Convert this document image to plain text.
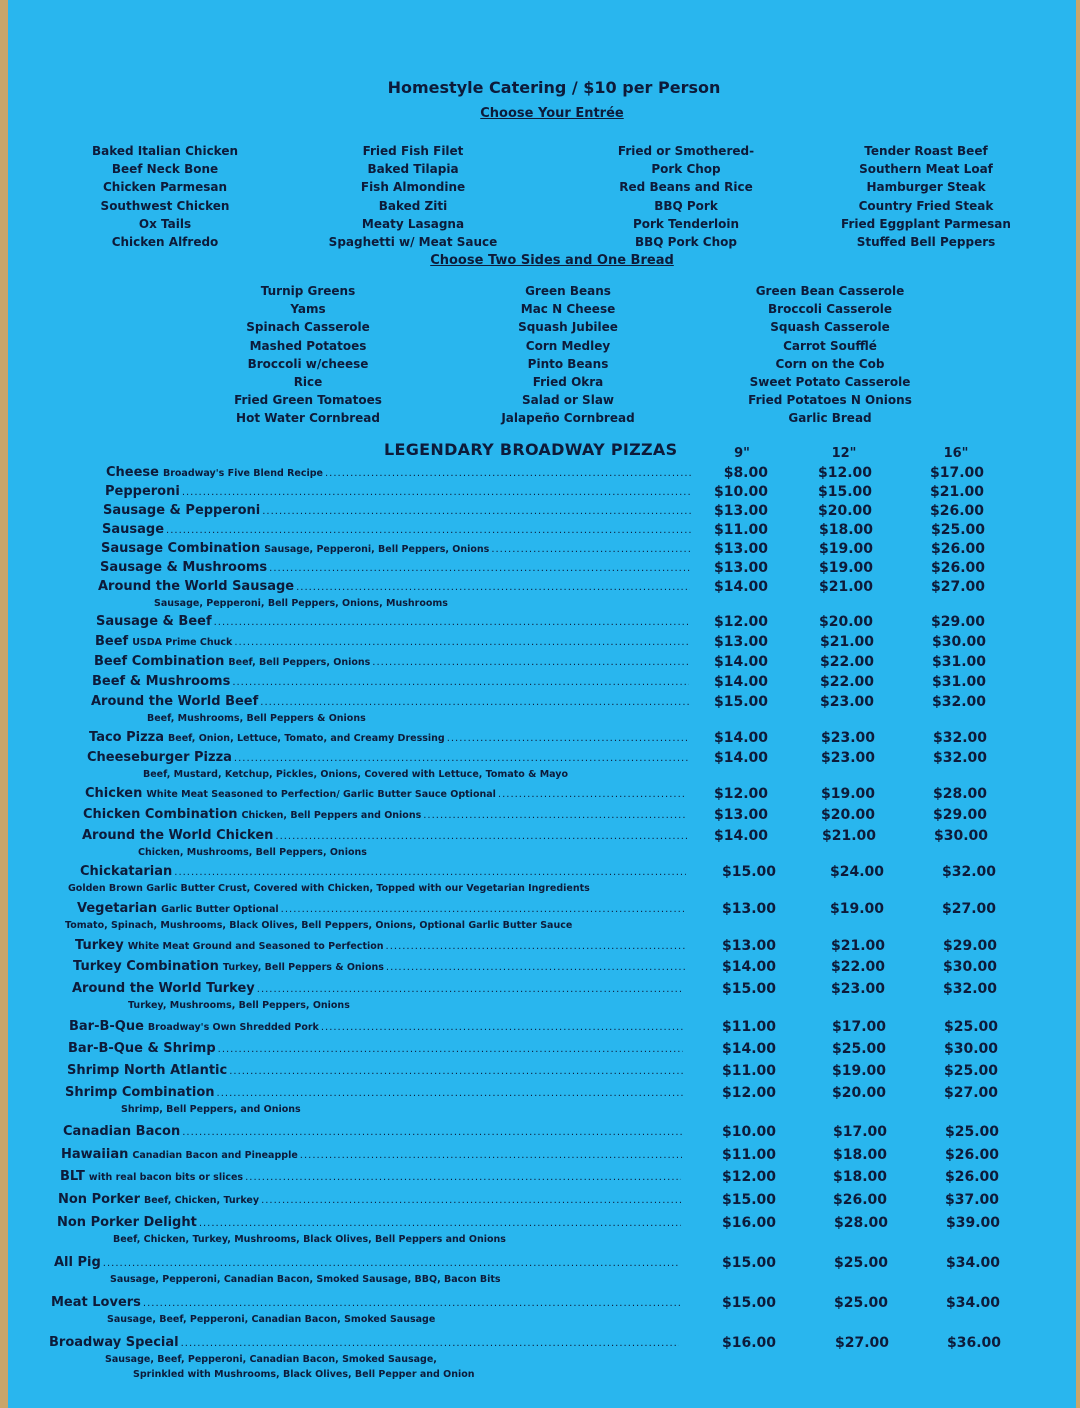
Homestyle Catering / $10 per Person
Choose Your Entrée
Baked Italian Chicken
Beef Neck Bone
Chicken Parmesan
Southwest Chicken
Ox Tails
Chicken Alfredo
Fried Fish Filet
Baked Tilapia
Fish Almondine
Baked Ziti
Meaty Lasagna
Spaghetti w/ Meat Sauce
Fried or Smothered-
Pork Chop
Red Beans and Rice
BBQ Pork
Pork Tenderloin
BBQ Pork Chop
Tender Roast Beef
Southern Meat Loaf
Hamburger Steak
Country Fried Steak
Fried Eggplant Parmesan
Stuffed Bell Peppers
Choose Two Sides and One Bread
Turnip Greens
Yams
Spinach Casserole
Mashed Potatoes
Broccoli w/cheese
Rice
Fried Green Tomatoes
Hot Water Cornbread
Green Beans
Mac N Cheese
Squash Jubilee
Corn Medley
Pinto Beans
Fried Okra
Salad or Slaw
Jalapeño Cornbread
Green Bean Casserole
Broccoli Casserole
Squash Casserole
Carrot Soufflé
Corn on the Cob
Sweet Potato Casserole
Fried Potatoes N Onions
Garlic Bread
LEGENDARY BROADWAY PIZZAS	9"	12"	16"
Cheese Broadway's Five Blend Recipe .....	$8.00	$12.00	$17.00
Pepperoni .....	$10.00	$15.00	$21.00
Sausage & Pepperoni .....	$13.00	$20.00	$26.00
Sausage .....	$11.00	$18.00	$25.00
Sausage Combination Sausage, Pepperoni, Bell Peppers, Onions .....	$13.00	$19.00	$26.00
Sausage & Mushrooms .....	$13.00	$19.00	$26.00
Around the World Sausage .....	$14.00	$21.00	$27.00
Sausage, Pepperoni, Bell Peppers, Onions, Mushrooms
Sausage & Beef .....	$12.00	$20.00	$29.00
Beef USDA Prime Chuck .....	$13.00	$21.00	$30.00
Beef Combination Beef, Bell Peppers, Onions .....	$14.00	$22.00	$31.00
Beef & Mushrooms .....	$14.00	$22.00	$31.00
Around the World Beef .....	$15.00	$23.00	$32.00
Beef, Mushrooms, Bell Peppers & Onions
Taco Pizza Beef, Onion, Lettuce, Tomato, and Creamy Dressing .....	$14.00	$23.00	$32.00
Cheeseburger Pizza .....	$14.00	$23.00	$32.00
Beef, Mustard, Ketchup, Pickles, Onions, Covered with Lettuce, Tomato & Mayo
Chicken White Meat Seasoned to Perfection/ Garlic Butter Sauce Optional .....	$12.00	$19.00	$28.00
Chicken Combination Chicken, Bell Peppers and Onions .....	$13.00	$20.00	$29.00
Around the World Chicken .....	$14.00	$21.00	$30.00
Chicken, Mushrooms, Bell Peppers, Onions
Chickatarian .....	$15.00	$24.00	$32.00
Golden Brown Garlic Butter Crust, Covered with Chicken, Topped with our Vegetarian Ingredients
Vegetarian Garlic Butter Optional .....	$13.00	$19.00	$27.00
Tomato, Spinach, Mushrooms, Black Olives, Bell Peppers, Onions, Optional Garlic Butter Sauce
Turkey White Meat Ground and Seasoned to Perfection .....	$13.00	$21.00	$29.00
Turkey Combination Turkey, Bell Peppers & Onions .....	$14.00	$22.00	$30.00
Around the World Turkey .....	$15.00	$23.00	$32.00
Turkey, Mushrooms, Bell Peppers, Onions
Bar-B-Que Broadway's Own Shredded Pork .....	$11.00	$17.00	$25.00
Bar-B-Que & Shrimp .....	$14.00	$25.00	$30.00
Shrimp North Atlantic .....	$11.00	$19.00	$25.00
Shrimp Combination .....	$12.00	$20.00	$27.00
Shrimp, Bell Peppers, and Onions
Canadian Bacon .....	$10.00	$17.00	$25.00
Hawaiian Canadian Bacon and Pineapple .....	$11.00	$18.00	$26.00
BLT with real bacon bits or slices .....	$12.00	$18.00	$26.00
Non Porker Beef, Chicken, Turkey .....	$15.00	$26.00	$37.00
Non Porker Delight .....	$16.00	$28.00	$39.00
Beef, Chicken, Turkey, Mushrooms, Black Olives, Bell Peppers and Onions
All Pig .....	$15.00	$25.00	$34.00
Sausage, Pepperoni, Canadian Bacon, Smoked Sausage, BBQ, Bacon Bits
Meat Lovers .....	$15.00	$25.00	$34.00
Sausage, Beef, Pepperoni, Canadian Bacon, Smoked Sausage
Broadway Special .....	$16.00	$27.00	$36.00
Sausage, Beef, Pepperoni, Canadian Bacon, Smoked Sausage,
Sprinkled with Mushrooms, Black Olives, Bell Pepper and Onion
